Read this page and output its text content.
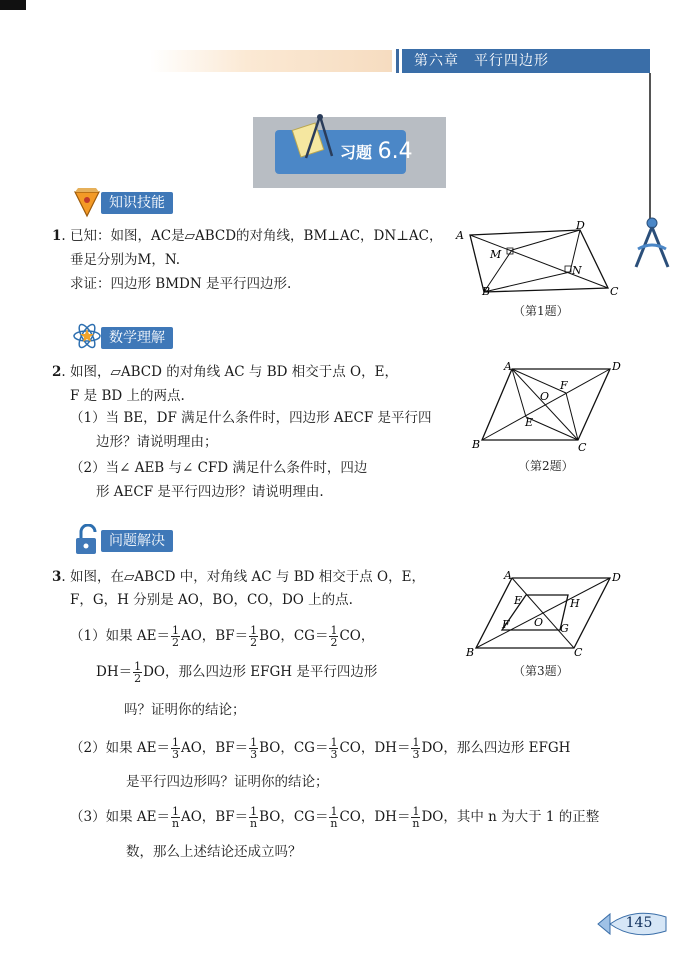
第六章　平行四边形
习题 6.4
知识技能
1. 已知：如图，AC是▱ABCD的对角线，BM⊥AC，DN⊥AC，
垂足分别为M，N.
求证：四边形 BMDN 是平行四边形.
A
D
M
N
B	C
（第1题）
数学理解
2. 如图，▱ABCD 的对角线 AC 与 BD 相交于点 O，E，
F 是 BD 上的两点.
（1）当 BE，DF 满足什么条件时，四边形 AECF 是平行四
边形？请说明理由；
（2）当∠ AEB 与∠ CFD 满足什么条件时，四边
形 AECF 是平行四边形？请说明理由.
A	D
F
O
E
B	C
（第2题）
问题解决
3. 如图，在▱ABCD 中，对角线 AC 与 BD 相交于点 O，E，
F，G，H 分别是 AO，BO，CO，DO 上的点.
（1）如果 $AE= \frac{1}{2}$ AO，$BF= \frac{1}{2}$ BO，$CG= \frac{1}{2}$ CO，
$DH= \frac{1}{2}$ DO，那么四边形 EFGH 是平行四边形
吗？证明你的结论；
（2）如果 $AE= \frac{1}{3}$ AO，$BF= \frac{1}{3}$ BO，$CG= \frac{1}{3}$ CO，$DH= \frac{1}{3}$ DO，那么四边形 EFGH
是平行四边形吗？证明你的结论；
（3）如果 $AE= \frac{1}{n}$ AO，$BF= \frac{1}{n}$ BO，$CG= \frac{1}{n}$ CO，$DH= \frac{1}{n}$ DO，其中 n 为大于 1 的正整
数，那么上述结论还成立吗？
A	D
E	H
F O G
B	C
（第3题）
145
